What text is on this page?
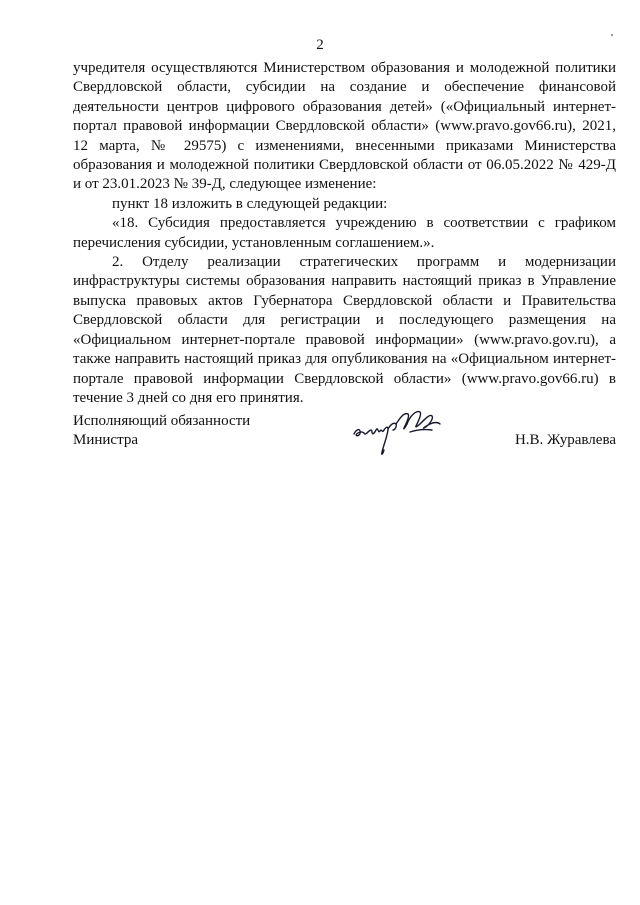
2

учредителя осуществляются Министерством образования и молодежной политики Свердловской области, субсидии на создание и обеспечение финансовой деятельности центров цифрового образования детей» («Официальный интернет-портал правовой информации Свердловской области» (www.pravo.gov66.ru), 2021, 12 марта, № 29575) с изменениями, внесенными приказами Министерства образования и молодежной политики Свердловской области от 06.05.2022 № 429-Д и от 23.01.2023 № 39-Д, следующее изменение:

пункт 18 изложить в следующей редакции:

«18. Субсидия предоставляется учреждению в соответствии с графиком перечисления субсидии, установленным соглашением.».

2. Отделу реализации стратегических программ и модернизации инфраструктуры системы образования направить настоящий приказ в Управление выпуска правовых актов Губернатора Свердловской области и Правительства Свердловской области для регистрации и последующего размещения на «Официальном интернет-портале правовой информации» (www.pravo.gov.ru), а также направить настоящий приказ для опубликования на «Официальном интернет-портале правовой информации Свердловской области» (www.pravo.gov66.ru) в течение 3 дней со дня его принятия.

Исполняющий обязанности
Министра	Н.В. Журавлева
